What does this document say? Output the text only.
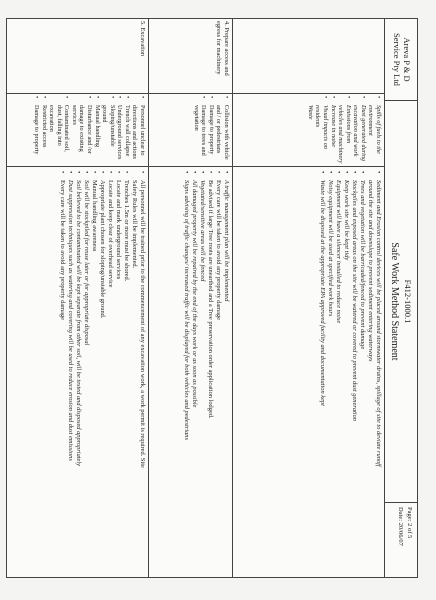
Areva P & D
Service Pty Ltd
F412-1000.1
Safe Work Method Statement
Page: 2 of 5
Date: 20/06/07
• Spills of fuels to the environment
• Dust generated during excavation and work
• Emissions from vehicles and machinery
• Increase in noise
• Visual impacts on residents
Waste
• Sediment and Erosion control devices will be placed around stormwater drains, spillage of site to deviate runoff
around the site and downslope to prevent sediment entering waterways
• Trees and vegetation will be barricaded/fenced to prevent damage
• Stockpiles and exposed areas on the site will be watered or covered to prevent dust generation
• Keep work site will be kept tidy
• Equipment will have a silencer installed to reduce noise
• Noisy equipment will be used at specified work hours
• Waste will be disposed at the appropriate EPA approved facility and documentation kept
4. Prepare access and egress for machinery
• Collision with vehicle and / or pedestrians
• Damage to property
• Damage to trees and vegetation
• A traffic management plan will be implemented
• Every care will be taken to avoid any property damage
• Be advised if large Tree roots are unearthed and a Tree preservation order application lodged.
• Vegetated/sensitive areas will be fenced
• All damaged property will be repaired by the end of the days work or as soon as possible
• Signs advising of traffic changes/ increased traffic will be displayed for both vehicles and pedestrians
5. Excavation
• Personnel unclear to directions and actions
• Trench wall collapse
• Underground services
• Sloping/unstable ground
• Manual handling
• Disturbance and /or damage to existing services
• Contaminated soil, dust, falling into excavation
• Restricted access
• Damage to property
• All personnel will be trained prior to the commencement of any excavation work, a work permit is required. Site
Safety Rules will be implemented.
• Trenches 1.5m or more must be shored.
• Locate and mark underground services
• Locate and keep clear of overhead service
• Appropriate plant chosen for sloping/unstable ground.
• Manual handling awareness
• Soil will be stockpiled for reuse later or for appropriate disposal
• Soil believed to be contaminated will be kept separate from other soil, will be tested and disposed appropriately
• Dust suppression techniques such as watering and covering will be used to reduce erosion and dust emissions
• Every care will be taken to avoid any property damage
